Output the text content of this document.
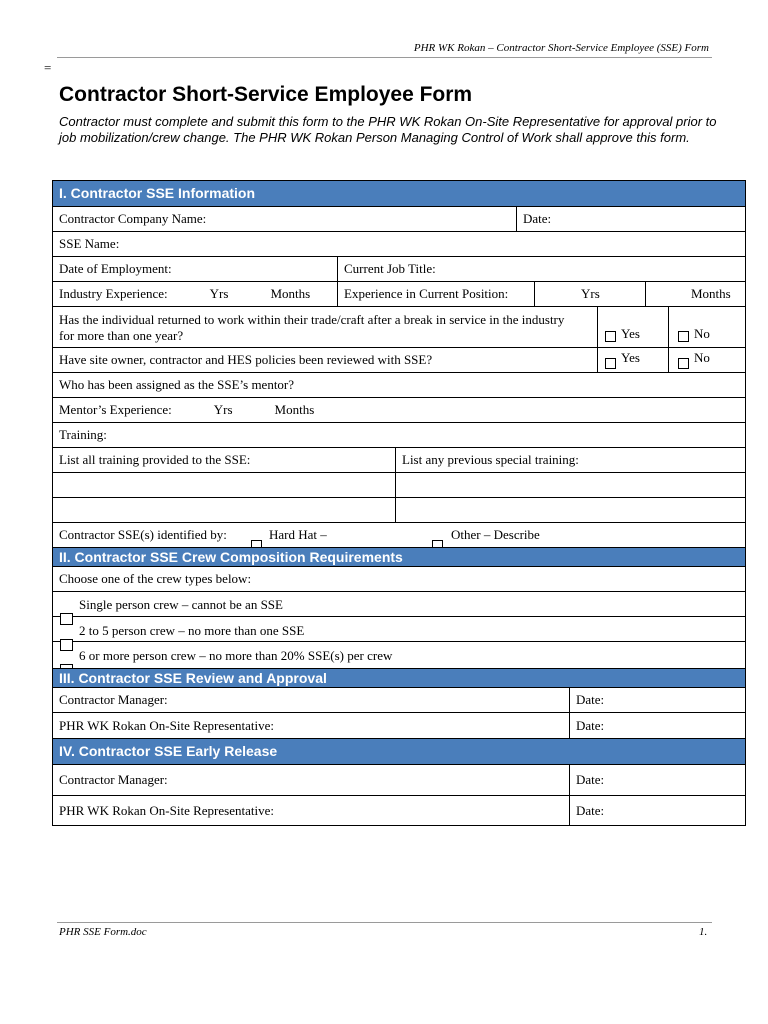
PHR WK Rokan – Contractor Short-Service Employee (SSE) Form
=
Contractor Short-Service Employee Form
Contractor must complete and submit this form to the PHR WK Rokan On-Site Representative for approval prior to job mobilization/crew change. The PHR WK Rokan Person Managing Control of Work shall approve this form.
I. Contractor SSE Information
Contractor Company Name:	Date:
SSE Name:
Date of Employment:	Current Job Title:
Industry Experience:	Yrs	Months	Experience in Current Position:	Yrs	Months
Has the individual returned to work within their trade/craft after a break in service in the industry for more than one year?	Yes	No
Have site owner, contractor and HES policies been reviewed with SSE?	Yes	No
Who has been assigned as the SSE’s mentor?
Mentor’s Experience:	Yrs	Months
Training:
List all training provided to the SSE:	List any previous special training:
Contractor SSE(s) identified by:	Hard Hat –	Other – Describe
II. Contractor SSE Crew Composition Requirements
Choose one of the crew types below:
Single person crew – cannot be an SSE
2 to 5 person crew – no more than one SSE
6 or more person crew – no more than 20% SSE(s) per crew
III. Contractor SSE Review and Approval
Contractor Manager:	Date:
PHR WK Rokan On-Site Representative:	Date:
IV. Contractor SSE Early Release
Contractor Manager:	Date:
PHR WK Rokan On-Site Representative:	Date:
PHR SSE Form.doc	1.
